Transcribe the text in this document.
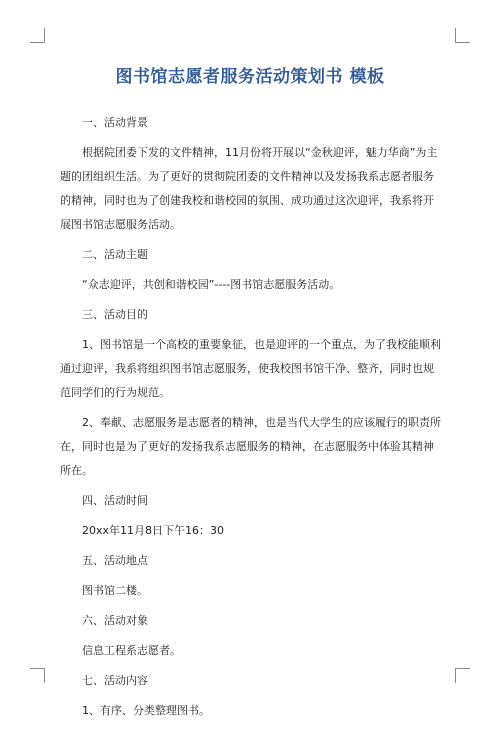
图书馆志愿者服务活动策划书 模板
一、活动背景
根据院团委下发的文件精神，11月份将开展以“金秋迎评，魅力华商”为主题的团组织生活。为了更好的贯彻院团委的文件精神以及发扬我系志愿者服务的精神，同时也为了创建我校和谐校园的氛围、成功通过这次迎评，我系将开展图书馆志愿服务活动。
二、活动主题
“众志迎评，共创和谐校园”----图书馆志愿服务活动。
三、活动目的
1、图书馆是一个高校的重要象征，也是迎评的一个重点，为了我校能顺利通过迎评，我系将组织图书馆志愿服务，使我校图书馆干净、整齐，同时也规范同学们的行为规范。
2、奉献、志愿服务是志愿者的精神，也是当代大学生的应该履行的职责所在，同时也是为了更好的发扬我系志愿服务的精神，在志愿服务中体验其精神所在。
四、活动时间
20xx年11月8日下午16：30
五、活动地点
图书馆二楼。
六、活动对象
信息工程系志愿者。
七、活动内容
1、有序、分类整理图书。
